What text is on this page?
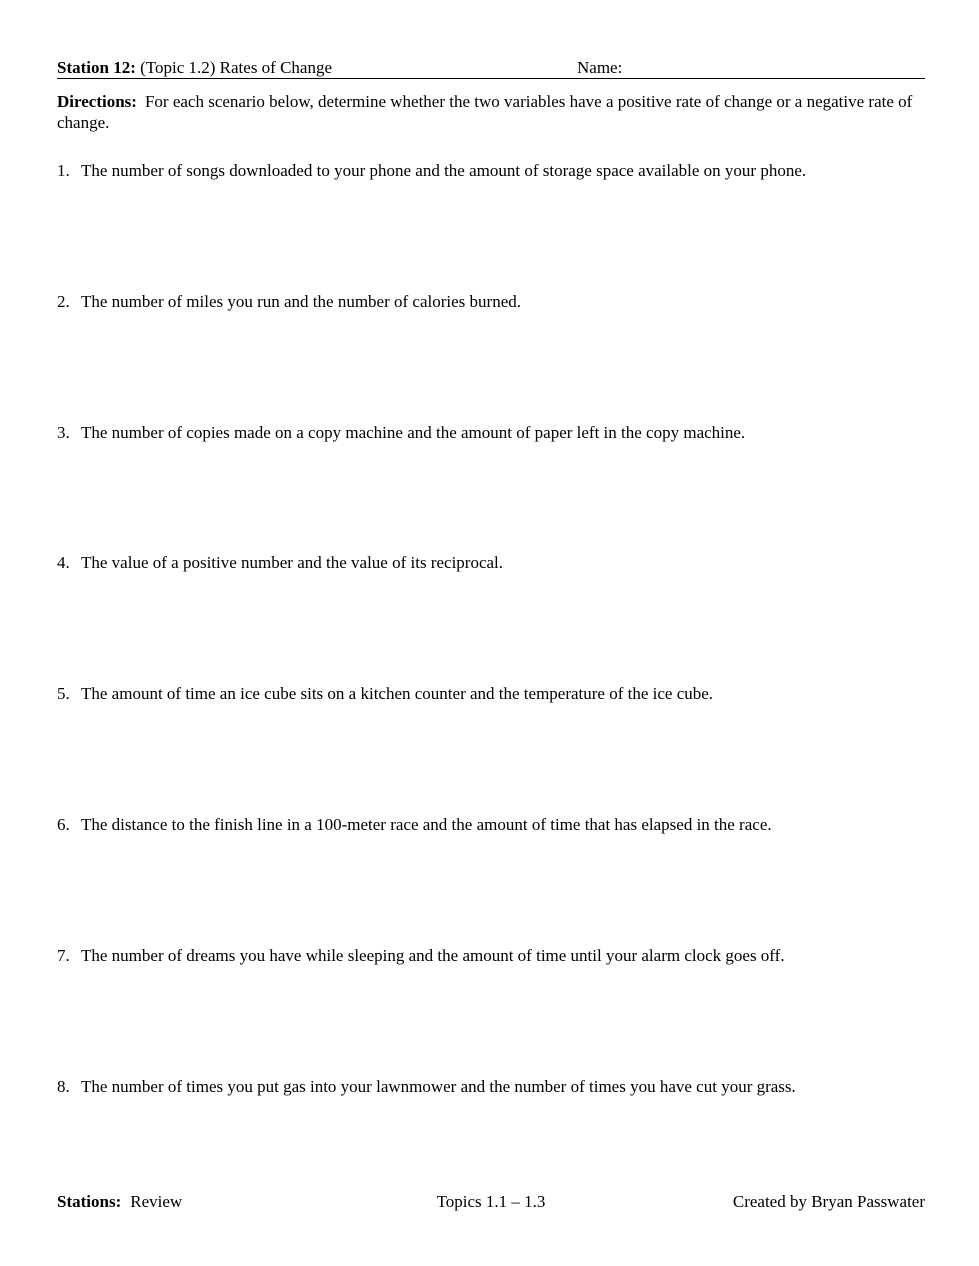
Station 12: (Topic 1.2) Rates of Change	Name:
Directions: For each scenario below, determine whether the two variables have a positive rate of change or a negative rate of change.
1. The number of songs downloaded to your phone and the amount of storage space available on your phone.
2. The number of miles you run and the number of calories burned.
3. The number of copies made on a copy machine and the amount of paper left in the copy machine.
4. The value of a positive number and the value of its reciprocal.
5. The amount of time an ice cube sits on a kitchen counter and the temperature of the ice cube.
6. The distance to the finish line in a 100-meter race and the amount of time that has elapsed in the race.
7. The number of dreams you have while sleeping and the amount of time until your alarm clock goes off.
8. The number of times you put gas into your lawnmower and the number of times you have cut your grass.
Stations: Review	Topics 1.1 – 1.3	Created by Bryan Passwater
